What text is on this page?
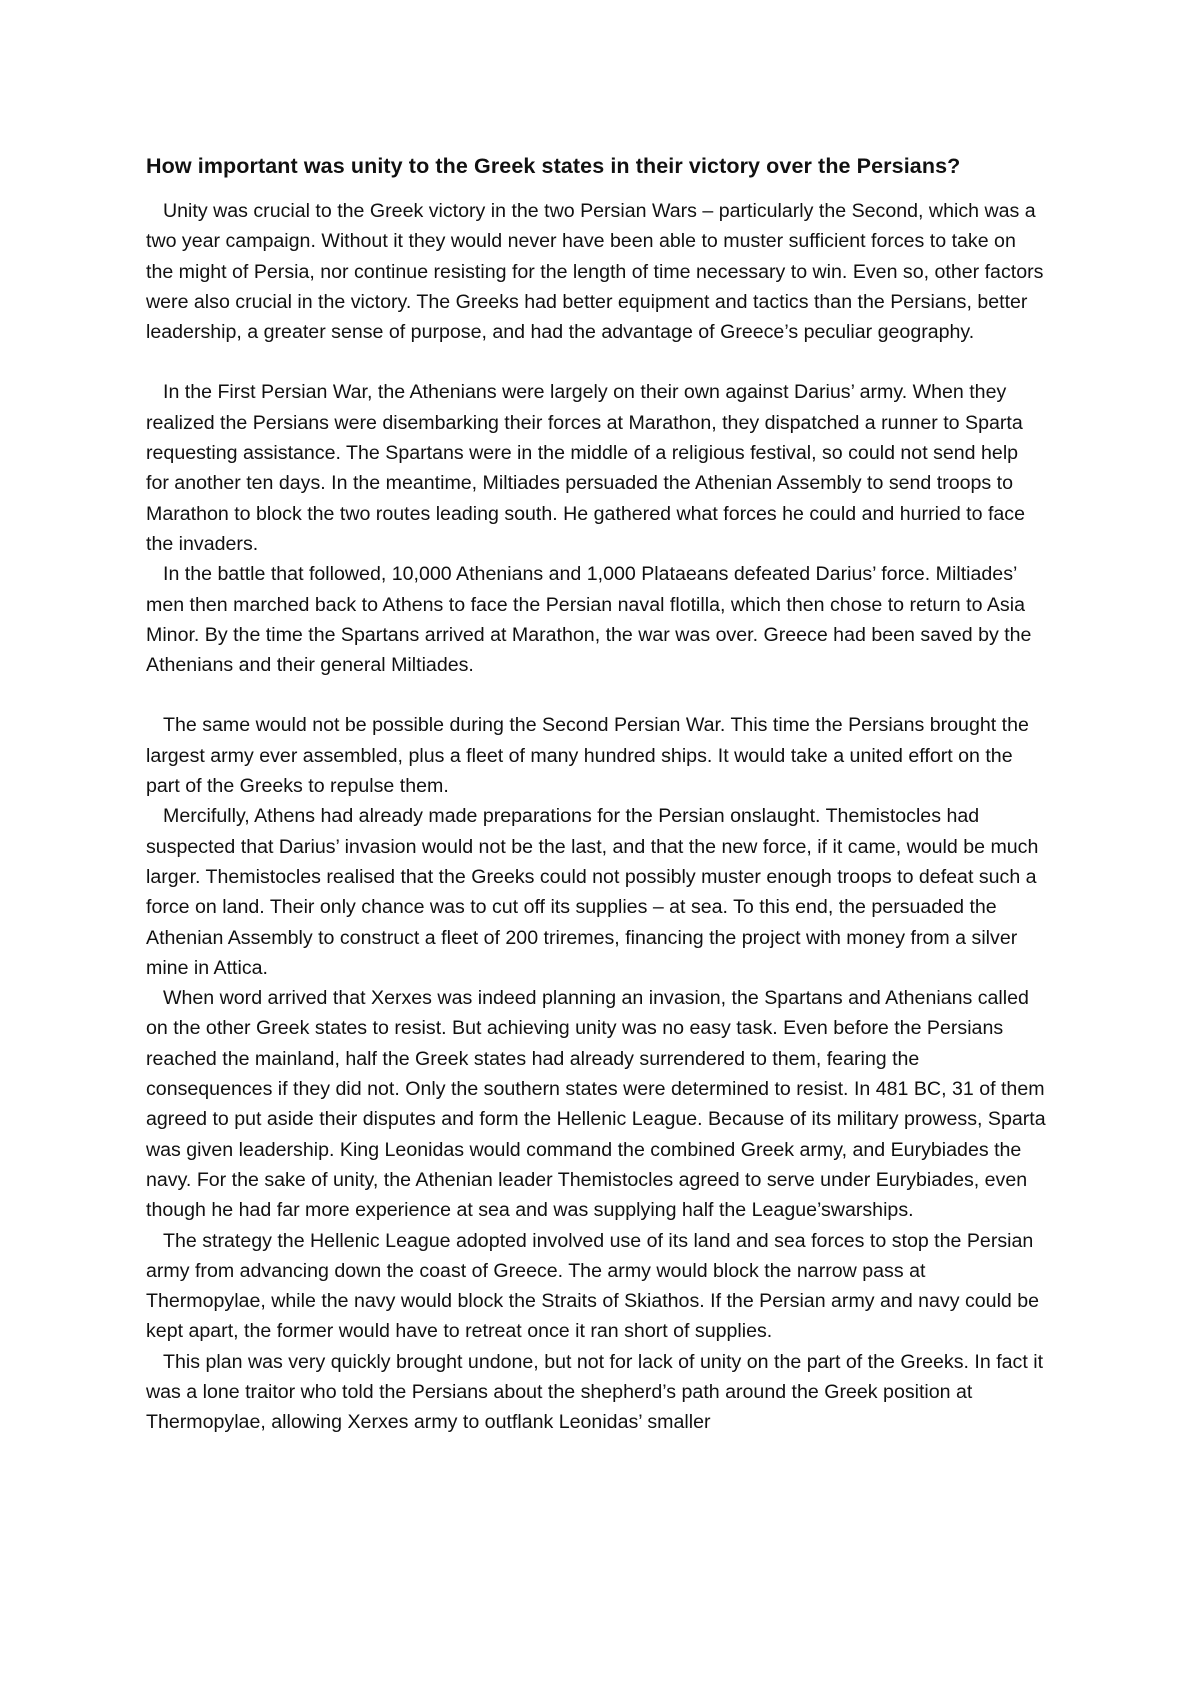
How important was unity to the Greek states in their victory over the Persians?

Unity was crucial to the Greek victory in the two Persian Wars – particularly the Second, which was a two year campaign. Without it they would never have been able to muster sufficient forces to take on the might of Persia, nor continue resisting for the length of time necessary to win. Even so, other factors were also crucial in the victory. The Greeks had better equipment and tactics than the Persians, better leadership, a greater sense of purpose, and had the advantage of Greece’s peculiar geography.

In the First Persian War, the Athenians were largely on their own against Darius’ army. When they realized the Persians were disembarking their forces at Marathon, they dispatched a runner to Sparta requesting assistance. The Spartans were in the middle of a religious festival, so could not send help for another ten days. In the meantime, Miltiades persuaded the Athenian Assembly to send troops to Marathon to block the two routes leading south. He gathered what forces he could and hurried to face the invaders.

In the battle that followed, 10,000 Athenians and 1,000 Plataeans defeated Darius’ force. Miltiades’ men then marched back to Athens to face the Persian naval flotilla, which then chose to return to Asia Minor. By the time the Spartans arrived at Marathon, the war was over. Greece had been saved by the Athenians and their general Miltiades.

The same would not be possible during the Second Persian War. This time the Persians brought the largest army ever assembled, plus a fleet of many hundred ships. It would take a united effort on the part of the Greeks to repulse them.

Mercifully, Athens had already made preparations for the Persian onslaught. Themistocles had suspected that Darius’ invasion would not be the last, and that the new force, if it came, would be much larger. Themistocles realised that the Greeks could not possibly muster enough troops to defeat such a force on land. Their only chance was to cut off its supplies – at sea. To this end, the persuaded the Athenian Assembly to construct a fleet of 200 triremes, financing the project with money from a silver mine in Attica.

When word arrived that Xerxes was indeed planning an invasion, the Spartans and Athenians called on the other Greek states to resist. But achieving unity was no easy task. Even before the Persians reached the mainland, half the Greek states had already surrendered to them, fearing the consequences if they did not. Only the southern states were determined to resist. In 481 BC, 31 of them agreed to put aside their disputes and form the Hellenic League. Because of its military prowess, Sparta was given leadership. King Leonidas would command the combined Greek army, and Eurybiades the navy. For the sake of unity, the Athenian leader Themistocles agreed to serve under Eurybiades, even though he had far more experience at sea and was supplying half the League’swarships.

The strategy the Hellenic League adopted involved use of its land and sea forces to stop the Persian army from advancing down the coast of Greece. The army would block the narrow pass at Thermopylae, while the navy would block the Straits of Skiathos. If the Persian army and navy could be kept apart, the former would have to retreat once it ran short of supplies.

This plan was very quickly brought undone, but not for lack of unity on the part of the Greeks. In fact it was a lone traitor who told the Persians about the shepherd’s path around the Greek position at Thermopylae, allowing Xerxes army to outflank Leonidas’ smaller
